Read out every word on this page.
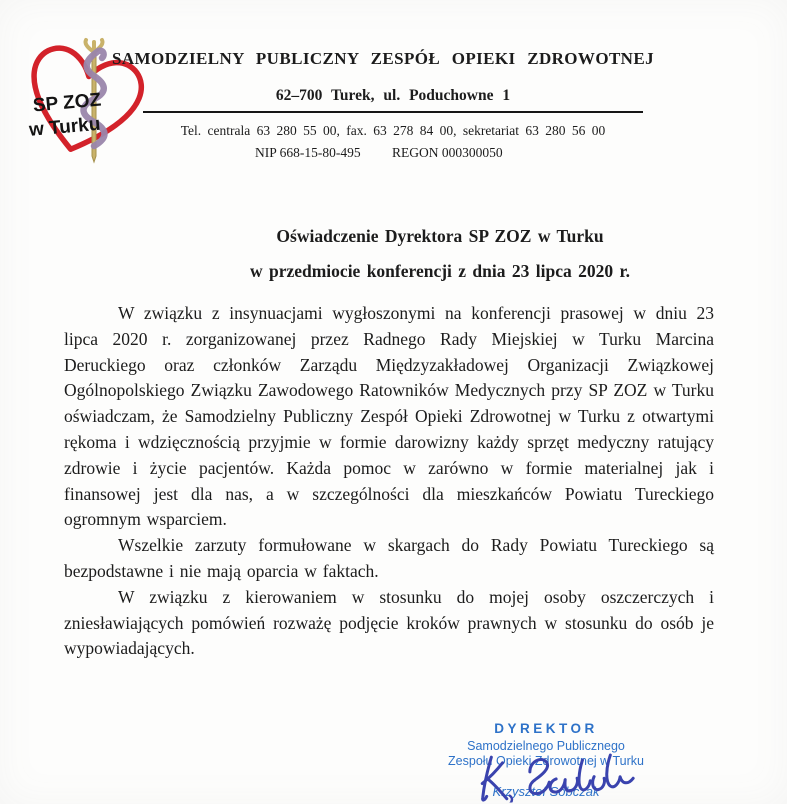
SP ZOZ
w Turku
SAMODZIELNY PUBLICZNY ZESPÓŁ OPIEKI ZDROWOTNEJ
62–700 Turek, ul. Poduchowne 1
Tel. centrala 63 280 55 00, fax. 63 278 84 00, sekretariat 63 280 56 00
NIP 668-15-80-495 REGON 000300050
Oświadczenie Dyrektora SP ZOZ w Turku
w przedmiocie konferencji z dnia 23 lipca 2020 r.

W związku z insynuacjami wygłoszonymi na konferencji prasowej w dniu 23 lipca 2020 r. zorganizowanej przez Radnego Rady Miejskiej w Turku Marcina Deruckiego oraz członków Zarządu Międzyzakładowej Organizacji Związkowej Ogólnopolskiego Związku Zawodowego Ratowników Medycznych przy SP ZOZ w Turku oświadczam, że Samodzielny Publiczny Zespół Opieki Zdrowotnej w Turku z otwartymi rękoma i wdzięcznością przyjmie w formie darowizny każdy sprzęt medyczny ratujący zdrowie i życie pacjentów. Każda pomoc w zarówno w formie materialnej jak i finansowej jest dla nas, a w szczególności dla mieszkańców Powiatu Tureckiego ogromnym wsparciem.

Wszelkie zarzuty formułowane w skargach do Rady Powiatu Tureckiego są bezpodstawne i nie mają oparcia w faktach.

W związku z kierowaniem w stosunku do mojej osoby oszczerczych i zniesławiających pomówień rozważę podjęcie kroków prawnych w stosunku do osób je wypowiadających.

DYREKTOR
Samodzielnego Publicznego
Zespołu Opieki Zdrowotnej w Turku
Krzysztof Sobczak
